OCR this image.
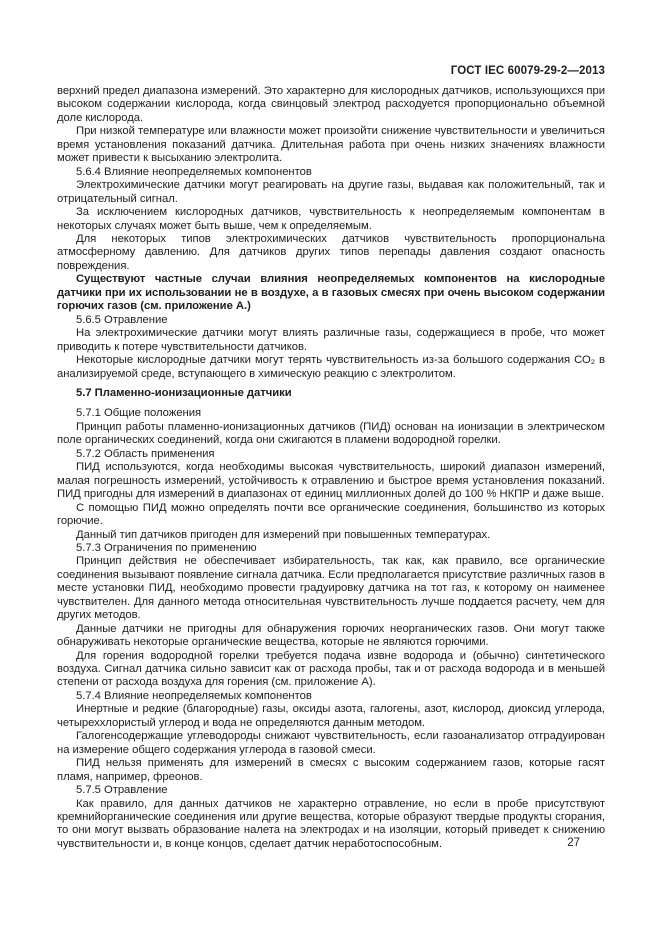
ГОСТ IEC 60079-29-2—2013

верхний предел диапазона измерений. Это характерно для кислородных датчиков, использующихся при высоком содержании кислорода, когда свинцовый электрод расходуется пропорционально объемной доле кислорода.

При низкой температуре или влажности может произойти снижение чувствительности и увеличиться время установления показаний датчика. Длительная работа при очень низких значениях влажности может привести к высыханию электролита.

5.6.4 Влияние неопределяемых компонентов

Электрохимические датчики могут реагировать на другие газы, выдавая как положительный, так и отрицательный сигнал.

За исключением кислородных датчиков, чувствительность к неопределяемым компонентам в некоторых случаях может быть выше, чем к определяемым.

Для некоторых типов электрохимических датчиков чувствительность пропорциональна атмосферному давлению. Для датчиков других типов перепады давления создают опасность повреждения.

Существуют частные случаи влияния неопределяемых компонентов на кислородные датчики при их использовании не в воздухе, а в газовых смесях при очень высоком содержании горючих газов (см. приложение А.)

5.6.5 Отравление

На электрохимические датчики могут влиять различные газы, содержащиеся в пробе, что может приводить к потере чувствительности датчиков.

Некоторые кислородные датчики могут терять чувствительность из-за большого содержания СО₂ в анализируемой среде, вступающего в химическую реакцию с электролитом.

5.7 Пламенно-ионизационные датчики

5.7.1 Общие положения

Принцип работы пламенно-ионизационных датчиков (ПИД) основан на ионизации в электрическом поле органических соединений, когда они сжигаются в пламени водородной горелки.

5.7.2 Область применения

ПИД используются, когда необходимы высокая чувствительность, широкий диапазон измерений, малая погрешность измерений, устойчивость к отравлению и быстрое время установления показаний. ПИД пригодны для измерений в диапазонах от единиц миллионных долей до 100 % НКПР и даже выше.

С помощью ПИД можно определять почти все органические соединения, большинство из которых горючие.

Данный тип датчиков пригоден для измерений при повышенных температурах.

5.7.3 Ограничения по применению

Принцип действия не обеспечивает избирательность, так как, как правило, все органические соединения вызывают появление сигнала датчика. Если предполагается присутствие различных газов в месте установки ПИД, необходимо провести градуировку датчика на тот газ, к которому он наименее чувствителен. Для данного метода относительная чувствительность лучше поддается расчету, чем для других методов.

Данные датчики не пригодны для обнаружения горючих неорганических газов. Они могут также обнаруживать некоторые органические вещества, которые не являются горючими.

Для горения водородной горелки требуется подача извне водорода и (обычно) синтетического воздуха. Сигнал датчика сильно зависит как от расхода пробы, так и от расхода водорода и в меньшей степени от расхода воздуха для горения (см. приложение А).

5.7.4 Влияние неопределяемых компонентов

Инертные и редкие (благородные) газы, оксиды азота, галогены, азот, кислород, диоксид углерода, четыреххлористый углерод и вода не определяются данным методом.

Галогенсодержащие углеводороды снижают чувствительность, если газоанализатор отградуирован на измерение общего содержания углерода в газовой смеси.

ПИД нельзя применять для измерений в смесях с высоким содержанием газов, которые гасят пламя, например, фреонов.

5.7.5 Отравление

Как правило, для данных датчиков не характерно отравление, но если в пробе присутствуют кремнийорганические соединения или другие вещества, которые образуют твердые продукты сгорания, то они могут вызвать образование налета на электродах и на изоляции, который приведет к снижению чувствительности и, в конце концов, сделает датчик неработоспособным.	27
